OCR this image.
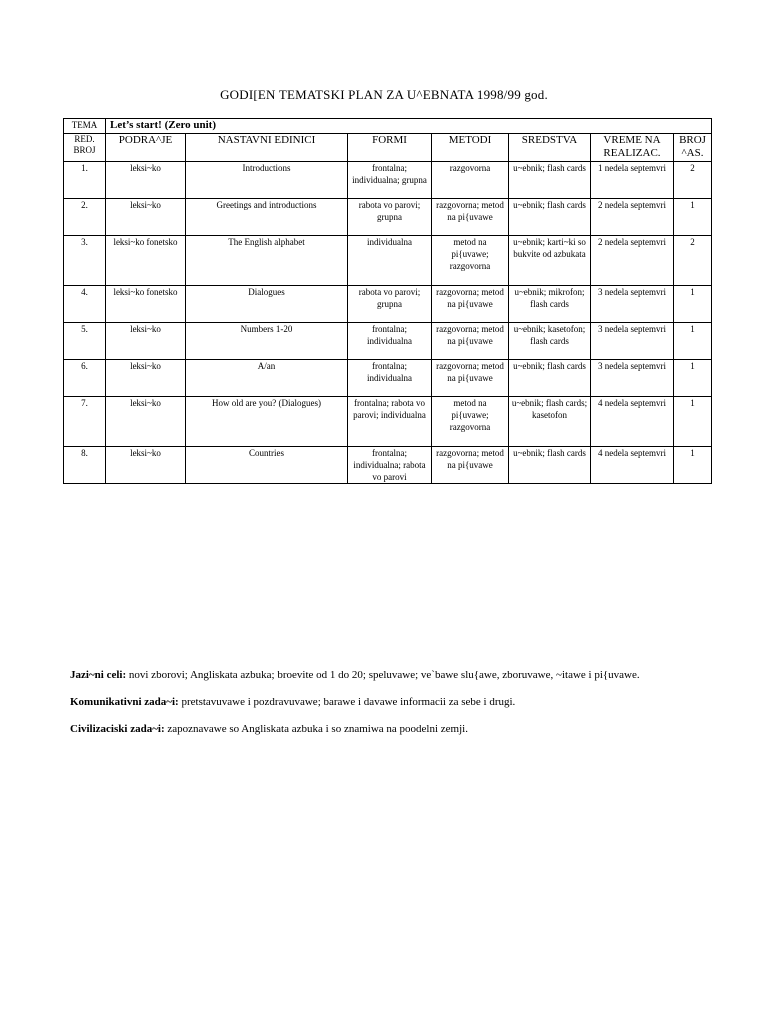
GODI[EN TEMATSKI PLAN ZA U^EBNATA 1998/99 god.
TEMA	Let’s start! (Zero unit)						
RED. BROJ	PODRA^JE	NASTAVNI EDINICI	FORMI	METODI	SREDSTVA	VREME NA REALIZAC.	BROJ ^AS.
1.	leksi~ko	Introductions	frontalna; individualna; grupna	razgovorna	u~ebnik; flash cards	1 nedela septemvri	2
2.	leksi~ko	Greetings and introductions	rabota vo parovi; grupna	razgovorna; metod na pi{uvawe	u~ebnik; flash cards	2 nedela septemvri	1
3.	leksi~ko fonetsko	The English alphabet	individualna	metod na pi{uvawe; razgovorna	u~ebnik; karti~ki so bukvite od azbukata	2 nedela septemvri	2
4.	leksi~ko fonetsko	Dialogues	rabota vo parovi; grupna	razgovorna; metod na pi{uvawe	u~ebnik; mikrofon; flash cards	3 nedela septemvri	1
5.	leksi~ko	Numbers 1-20	frontalna; individualna	razgovorna; metod na pi{uvawe	u~ebnik; kasetofon; flash cards	3 nedela septemvri	1
6.	leksi~ko	A/an	frontalna; individualna	razgovorna; metod na pi{uvawe	u~ebnik; flash cards	3 nedela septemvri	1
7.	leksi~ko	How old are you? (Dialogues)	frontalna; rabota vo parovi; individualna	metod na pi{uvawe; razgovorna	u~ebnik; flash cards; kasetofon	4 nedela septemvri	1
8.	leksi~ko	Countries	frontalna; individualna; rabota vo parovi	razgovorna; metod na pi{uvawe	u~ebnik; flash cards	4 nedela septemvri	1

Jazi~ni celi: novi zborovi; Angliskata azbuka; broevite od 1 do 20; speluvawe; ve`bawe slu{awe, zboruvawe, ~itawe i pi{uvawe.

Komunikativni zada~i: pretstavuvawe i pozdravuvawe; barawe i davawe informacii za sebe i drugi.

Civilizaciski zada~i: zapoznavawe so Angliskata azbuka i so znamiwa na poodelni zemji.
